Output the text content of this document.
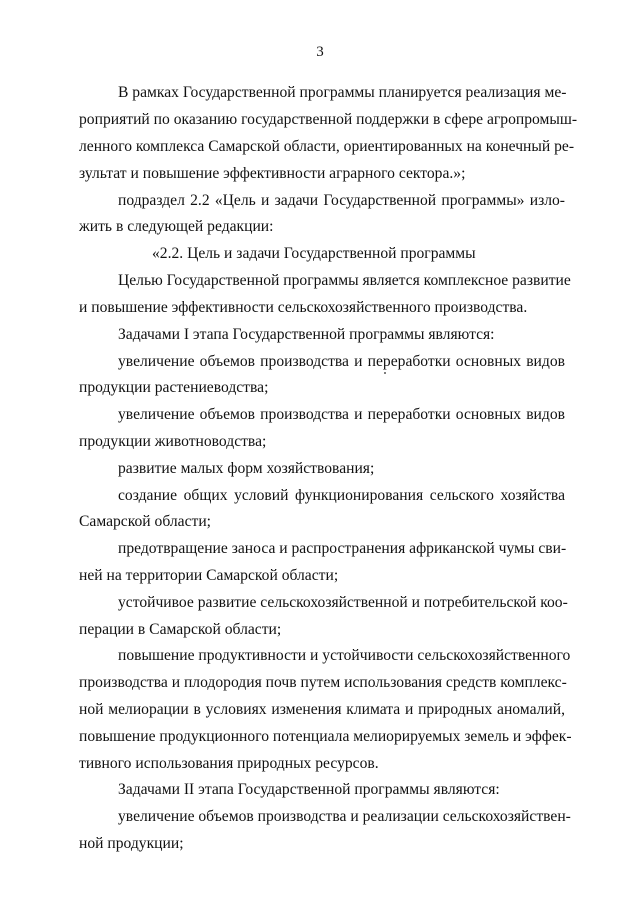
3
В рамках Государственной программы планируется реализация ме-
роприятий по оказанию государственной поддержки в сфере агропромыш-
ленного комплекса Самарской области, ориентированных на конечный ре-
зультат и повышение эффективности аграрного сектора.»;
подраздел 2.2 «Цель и задачи Государственной программы» изло-
жить в следующей редакции:
«2.2. Цель и задачи Государственной программы
Целью Государственной программы является комплексное развитие
и повышение эффективности сельскохозяйственного производства.
Задачами I этапа Государственной программы являются:
увеличение объемов производства и переработки основных видов
продукции растениеводства;
увеличение объемов производства и переработки основных видов
продукции животноводства;
развитие малых форм хозяйствования;
создание общих условий функционирования сельского хозяйства
Самарской области;
предотвращение заноса и распространения африканской чумы сви-
ней на территории Самарской области;
устойчивое развитие сельскохозяйственной и потребительской коо-
перации в Самарской области;
повышение продуктивности и устойчивости сельскохозяйственного
производства и плодородия почв путем использования средств комплекс-
ной мелиорации в условиях изменения климата и природных аномалий,
повышение продукционного потенциала мелиорируемых земель и эффек-
тивного использования природных ресурсов.
Задачами II этапа Государственной программы являются:
увеличение объемов производства и реализации сельскохозяйствен-
ной продукции;
